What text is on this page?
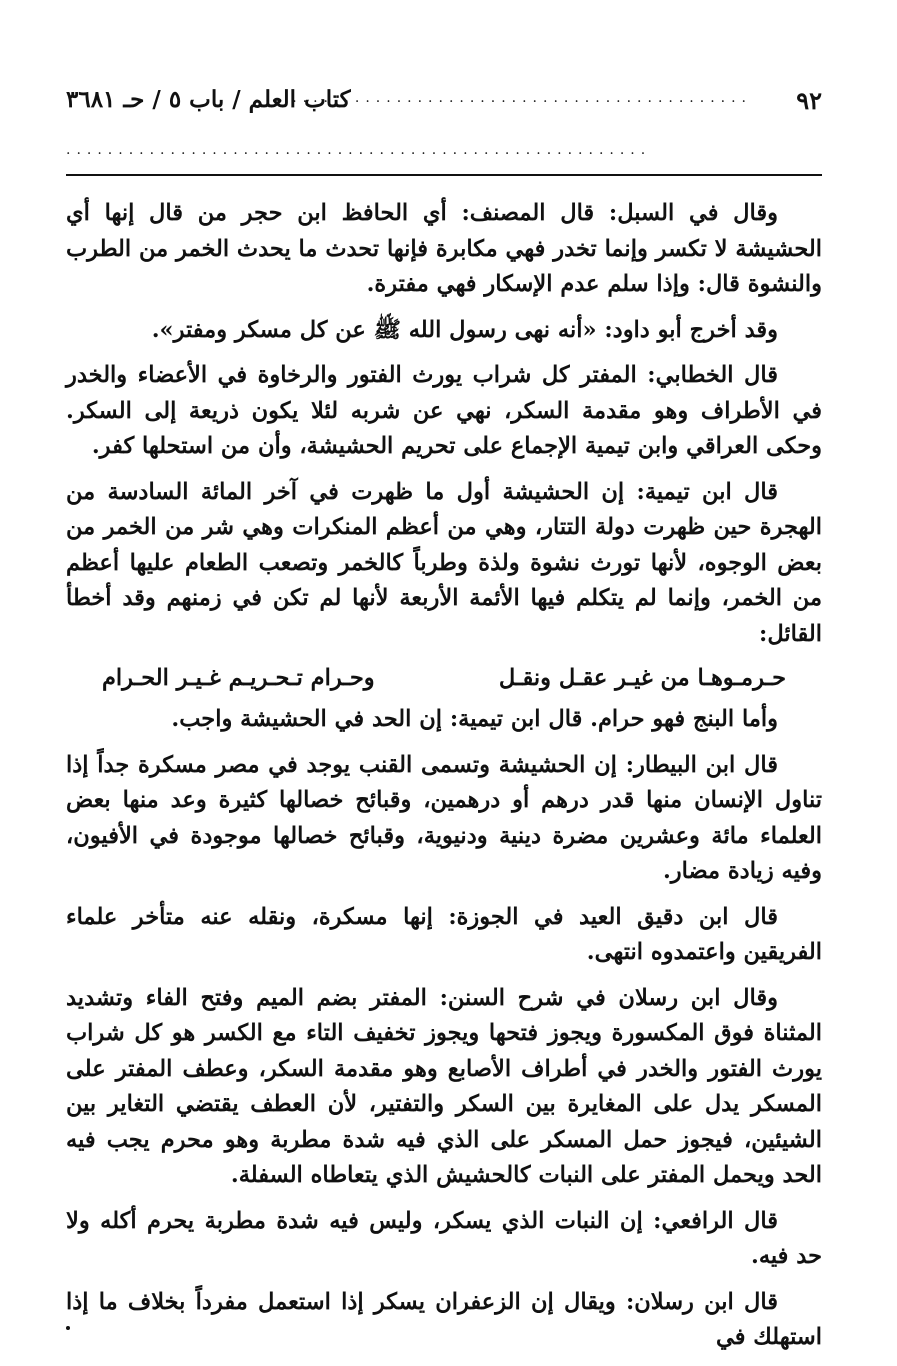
٩٢
............................................
كتاب العلم / باب ٥ / حـ ٣٦٨١
........................................................

وقال في السبل: قال المصنف: أي الحافظ ابن حجر من قال إنها أي الحشيشة لا تكسر وإنما تخدر فهي مكابرة فإنها تحدث ما يحدث الخمر من الطرب والنشوة قال: وإذا سلم عدم الإسكار فهي مفترة.

وقد أخرج أبو داود: «أنه نهى رسول الله ﷺ عن كل مسكر ومفتر».

قال الخطابي: المفتر كل شراب يورث الفتور والرخاوة في الأعضاء والخدر في الأطراف وهو مقدمة السكر، نهي عن شربه لئلا يكون ذريعة إلى السكر. وحكى العراقي وابن تيمية الإجماع على تحريم الحشيشة، وأن من استحلها كفر.

قال ابن تيمية: إن الحشيشة أول ما ظهرت في آخر المائة السادسة من الهجرة حين ظهرت دولة التتار، وهي من أعظم المنكرات وهي شر من الخمر من بعض الوجوه، لأنها تورث نشوة ولذة وطرباً كالخمر وتصعب الطعام عليها أعظم من الخمر، وإنما لم يتكلم فيها الأئمة الأربعة لأنها لم تكن في زمنهم وقد أخطأ القائل:

حـرمـوهـا من غيـر عقـل ونقـل
وحـرام تـحـريـم غـيـر الحـرام

وأما البنج فهو حرام. قال ابن تيمية: إن الحد في الحشيشة واجب.

قال ابن البيطار: إن الحشيشة وتسمى القنب يوجد في مصر مسكرة جداً إذا تناول الإنسان منها قدر درهم أو درهمين، وقبائح خصالها كثيرة وعد منها بعض العلماء مائة وعشرين مضرة دينية ودنيوية، وقبائح خصالها موجودة في الأفيون، وفيه زيادة مضار.

قال ابن دقيق العيد في الجوزة: إنها مسكرة، ونقله عنه متأخر علماء الفريقين واعتمدوه انتهى.

وقال ابن رسلان في شرح السنن: المفتر بضم الميم وفتح الفاء وتشديد المثناة فوق المكسورة ويجوز فتحها ويجوز تخفيف التاء مع الكسر هو كل شراب يورث الفتور والخدر في أطراف الأصابع وهو مقدمة السكر، وعطف المفتر على المسكر يدل على المغايرة بين السكر والتفتير، لأن العطف يقتضي التغاير بين الشيئين، فيجوز حمل المسكر على الذي فيه شدة مطربة وهو محرم يجب فيه الحد ويحمل المفتر على النبات كالحشيش الذي يتعاطاه السفلة.

قال الرافعي: إن النبات الذي يسكر، وليس فيه شدة مطربة يحرم أكله ولا حد فيه.

قال ابن رسلان: ويقال إن الزعفران يسكر إذا استعمل مفرداً بخلاف ما إذا استهلك في
